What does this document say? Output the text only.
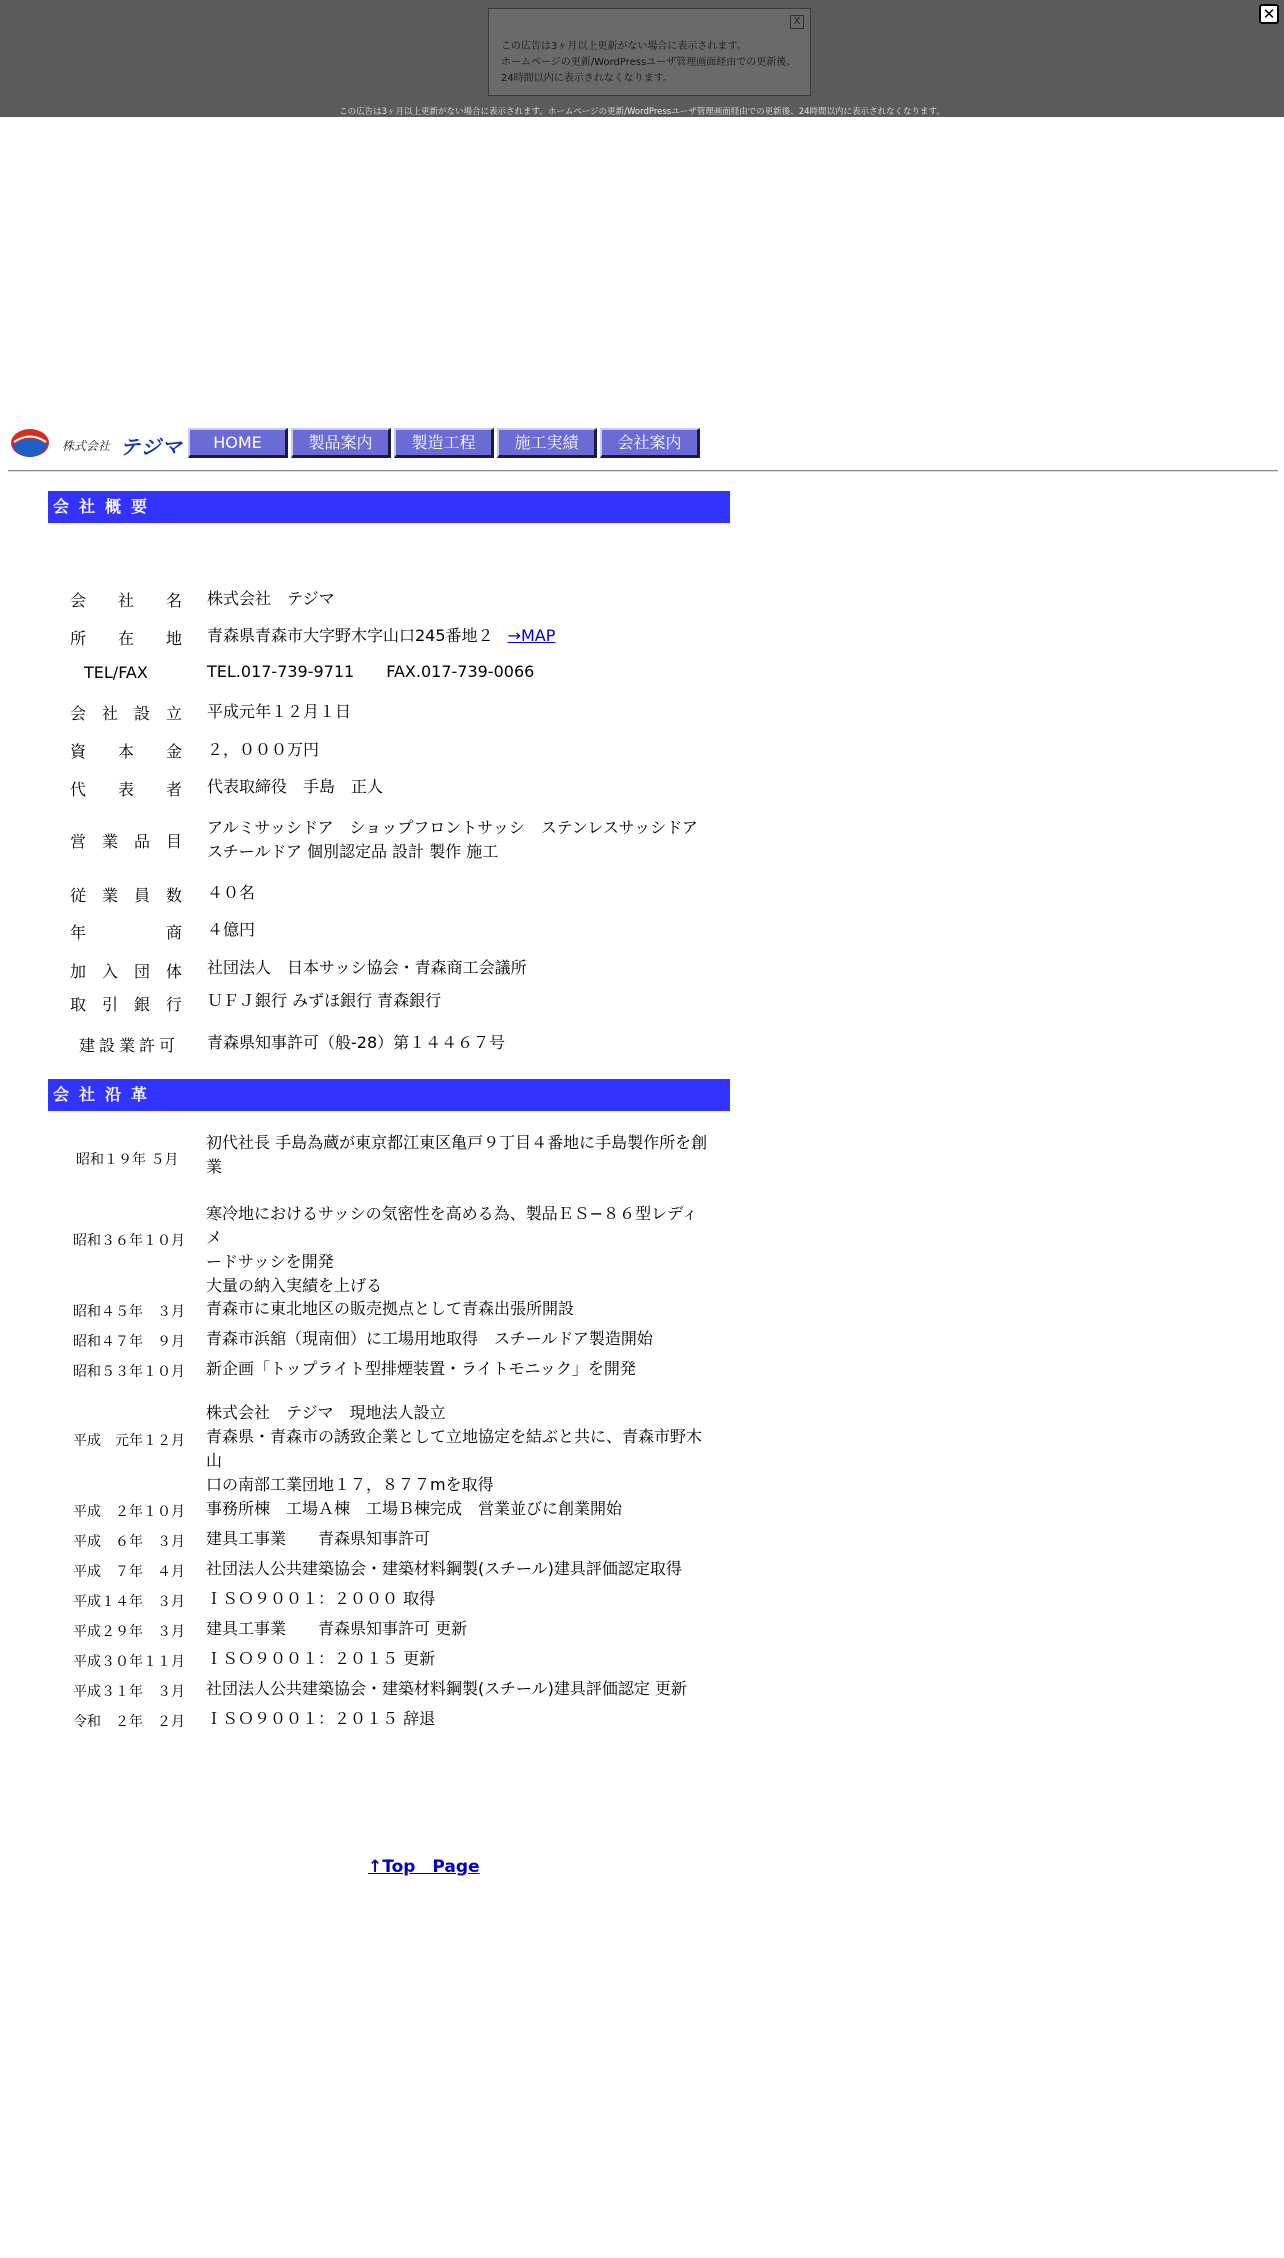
X

この広告は3ヶ月以上更新がない場合に表示されます。

ホームページの更新/WordPressユーザ管理画面経由での更新後、

24時間以内に表示されなくなります。

✕
この広告は3ヶ月以上更新がない場合に表示されます。ホームページの更新/WordPressユーザ管理画面経由での更新後、24時間以内に表示されなくなります。
株式会社 テジマ	HOME	製品案内	製造工程	施工実績	会社案内
会社概要
会社名 株式会社　テジマ
所在地 青森県青森市大字野木字山口245番地２ →MAP
TEL/FAX	TEL.017-739-9711　　FAX.017-739-0066
会社設立 平成元年１２月１日
資本金 ２，０００万円
代表者 代表取締役　手島　正人
営業品目
アルミサッシドア　ショップフロントサッシ　ステンレスサッシドア
スチールドア 個別認定品 設計 製作 施工
従業員数 ４０名
年商 ４億円
加入団体 社団法人　日本サッシ協会・青森商工会議所
取引銀行 ＵＦＪ銀行 みずほ銀行 青森銀行
建設業許可 青森県知事許可（般-28）第１４４６７号
会社沿革
昭和１９年 ５月
初代社長 手島為蔵が東京都江東区亀戸９丁目４番地に手島製作所を創
業
昭和３６年１０月
寒冷地におけるサッシの気密性を高める為、製品ＥＳ−８６型レディメ
ードサッシを開発
大量の納入実績を上げる
昭和４５年　３月 青森市に東北地区の販売拠点として青森出張所開設
昭和４７年　９月 青森市浜舘（現南佃）に工場用地取得　スチールドア製造開始
昭和５３年１０月 新企画「トップライト型排煙装置・ライトモニック」を開発
平成　元年１２月
株式会社　テジマ　現地法人設立
青森県・青森市の誘致企業として立地協定を結ぶと共に、青森市野木山
口の南部工業団地１７，８７７mを取得
平成　２年１０月 事務所棟　工場Ａ棟　工場Ｂ棟完成　営業並びに創業開始
平成　６年　３月 建具工事業　　青森県知事許可
平成　７年　４月 社団法人公共建築協会・建築材料鋼製(スチール)建具評価認定取得
平成１４年　３月 ＩＳＯ９００１：２０００ 取得
平成２９年　３月 建具工事業　　青森県知事許可 更新
平成３０年１１月 ＩＳＯ９００１：２０１５ 更新
平成３１年　３月 社団法人公共建築協会・建築材料鋼製(スチール)建具評価認定 更新
令和　２年　２月 ＩＳＯ９００１：２０１５ 辞退
↑Top　Page
